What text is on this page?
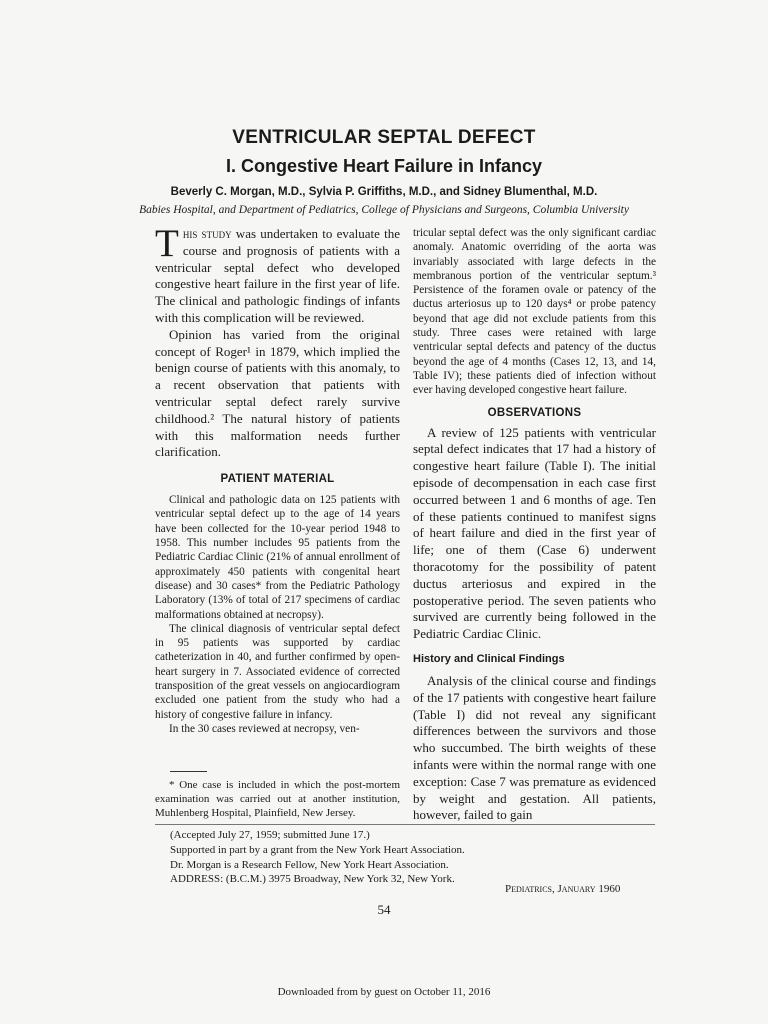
VENTRICULAR SEPTAL DEFECT
I. Congestive Heart Failure in Infancy
Beverly C. Morgan, M.D., Sylvia P. Griffiths, M.D., and Sidney Blumenthal, M.D.
Babies Hospital, and Department of Pediatrics, College of Physicians and Surgeons, Columbia University

This study was undertaken to evaluate the course and prognosis of patients with a ventricular septal defect who developed congestive heart failure in the first year of life. The clinical and pathologic findings of infants with this complication will be reviewed.

Opinion has varied from the original concept of Roger¹ in 1879, which implied the benign course of patients with this anomaly, to a recent observation that patients with ventricular septal defect rarely survive childhood.² The natural history of patients with this malformation needs further clarification.

PATIENT MATERIAL

Clinical and pathologic data on 125 patients with ventricular septal defect up to the age of 14 years have been collected for the 10-year period 1948 to 1958. This number includes 95 patients from the Pediatric Cardiac Clinic (21% of annual enrollment of approximately 450 patients with congenital heart disease) and 30 cases* from the Pediatric Pathology Laboratory (13% of total of 217 specimens of cardiac malformations obtained at necropsy).

The clinical diagnosis of ventricular septal defect in 95 patients was supported by cardiac catheterization in 40, and further confirmed by open-heart surgery in 7. Associated evidence of corrected transposition of the great vessels on angiocardiogram excluded one patient from the study who had a history of congestive failure in infancy.

In the 30 cases reviewed at necropsy, ven-

* One case is included in which the post-mortem examination was carried out at another institution, Muhlenberg Hospital, Plainfield, New Jersey.

tricular septal defect was the only significant cardiac anomaly. Anatomic overriding of the aorta was invariably associated with large defects in the membranous portion of the ventricular septum.³ Persistence of the foramen ovale or patency of the ductus arteriosus up to 120 days⁴ or probe patency beyond that age did not exclude patients from this study. Three cases were retained with large ventricular septal defects and patency of the ductus beyond the age of 4 months (Cases 12, 13, and 14, Table IV); these patients died of infection without ever having developed congestive heart failure.

OBSERVATIONS

A review of 125 patients with ventricular septal defect indicates that 17 had a history of congestive heart failure (Table I). The initial episode of decompensation in each case first occurred between 1 and 6 months of age. Ten of these patients continued to manifest signs of heart failure and died in the first year of life; one of them (Case 6) underwent thoracotomy for the possibility of patent ductus arteriosus and expired in the postoperative period. The seven patients who survived are currently being followed in the Pediatric Cardiac Clinic.

History and Clinical Findings

Analysis of the clinical course and findings of the 17 patients with congestive heart failure (Table I) did not reveal any significant differences between the survivors and those who succumbed. The birth weights of these infants were within the normal range with one exception: Case 7 was premature as evidenced by weight and gestation. All patients, however, failed to gain

(Accepted July 27, 1959; submitted June 17.)
Supported in part by a grant from the New York Heart Association.
Dr. Morgan is a Research Fellow, New York Heart Association.
ADDRESS: (B.C.M.) 3975 Broadway, New York 32, New York.
Pediatrics, January 1960
54
Downloaded from by guest on October 11, 2016
